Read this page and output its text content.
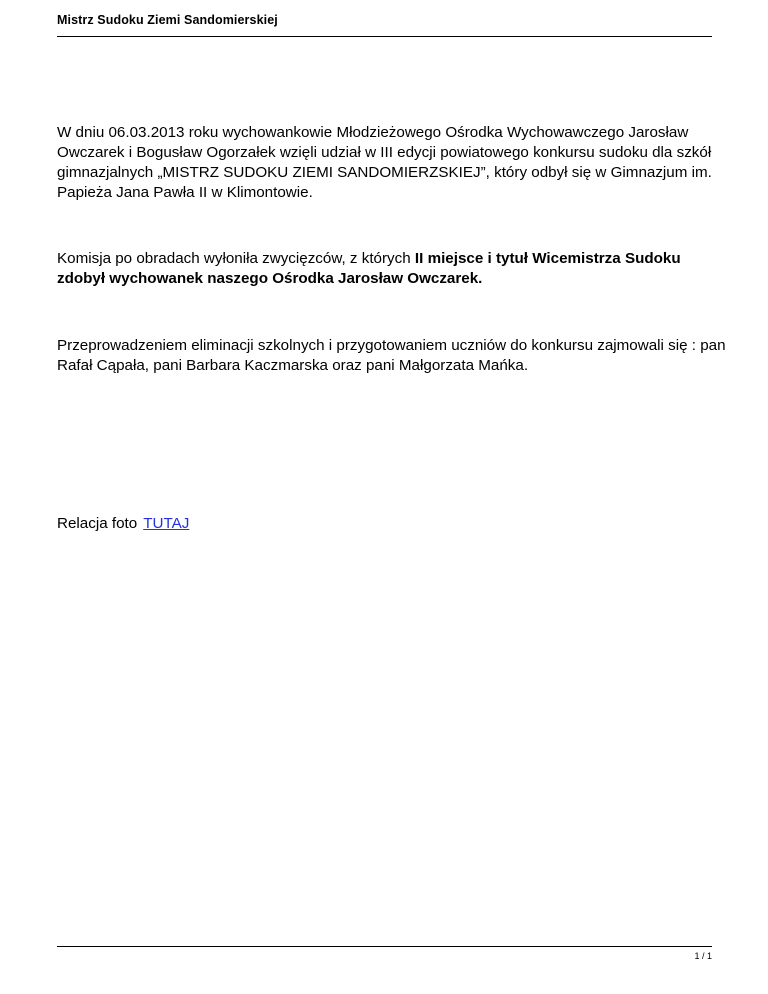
Mistrz Sudoku Ziemi Sandomierskiej

W dniu 06.03.2013 roku wychowankowie Młodzieżowego Ośrodka Wychowawczego Jarosław Owczarek i Bogusław Ogorzałek wzięli udział w III edycji powiatowego konkursu sudoku dla szkół gimnazjalnych „MISTRZ SUDOKU ZIEMI SANDOMIERZSKIEJ”, który odbył się w Gimnazjum im. Papieża Jana Pawła II w Klimontowie.

Komisja po obradach wyłoniła zwycięzców, z których II miejsce i tytuł Wicemistrza Sudoku zdobył wychowanek naszego Ośrodka Jarosław Owczarek.

Przeprowadzeniem eliminacji szkolnych i przygotowaniem uczniów do konkursu zajmowali się : pan Rafał Cąpała, pani Barbara Kaczmarska oraz pani Małgorzata Mańka.

Relacja foto TUTAJ

1 / 1
